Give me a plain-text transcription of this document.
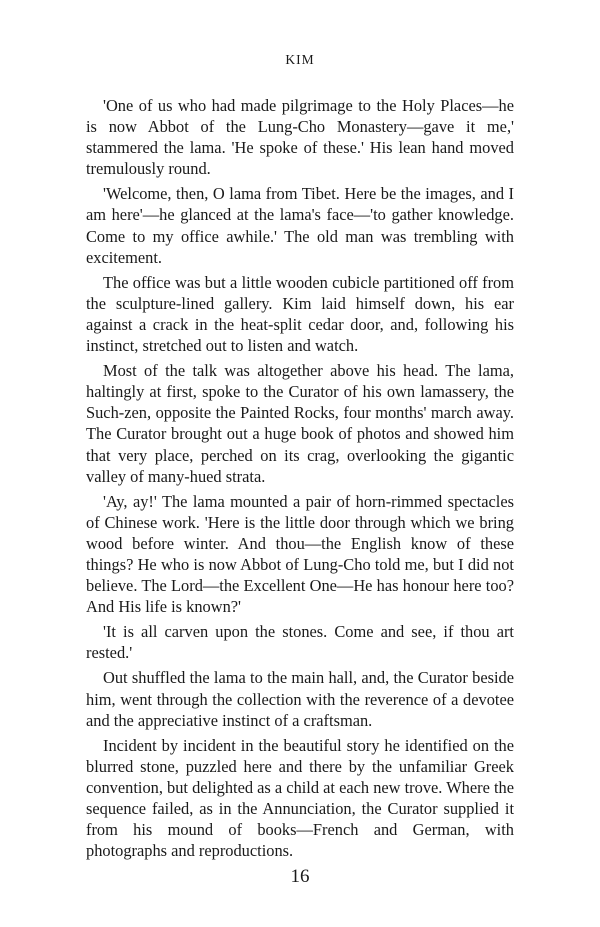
KIM

'One of us who had made pilgrimage to the Holy Places—he is now Abbot of the Lung-Cho Monastery—gave it me,' stammered the lama. 'He spoke of these.' His lean hand moved tremulously round.

'Welcome, then, O lama from Tibet. Here be the images, and I am here'—he glanced at the lama's face—'to gather knowledge. Come to my office awhile.' The old man was trembling with excitement.

The office was but a little wooden cubicle partitioned off from the sculpture-lined gallery. Kim laid himself down, his ear against a crack in the heat-split cedar door, and, following his instinct, stretched out to listen and watch.

Most of the talk was altogether above his head. The lama, haltingly at first, spoke to the Curator of his own lamassery, the Such-zen, opposite the Painted Rocks, four months' march away. The Curator brought out a huge book of photos and showed him that very place, perched on its crag, overlooking the gigantic valley of many-hued strata.

'Ay, ay!' The lama mounted a pair of horn-rimmed spectacles of Chinese work. 'Here is the little door through which we bring wood before winter. And thou—the English know of these things? He who is now Abbot of Lung-Cho told me, but I did not believe. The Lord—the Excellent One—He has honour here too? And His life is known?'

'It is all carven upon the stones. Come and see, if thou art rested.'

Out shuffled the lama to the main hall, and, the Curator beside him, went through the collection with the reverence of a devotee and the appreciative instinct of a craftsman.

Incident by incident in the beautiful story he identified on the blurred stone, puzzled here and there by the unfamiliar Greek convention, but delighted as a child at each new trove. Where the sequence failed, as in the Annunciation, the Curator supplied it from his mound of books—French and German, with photographs and reproductions.

16
